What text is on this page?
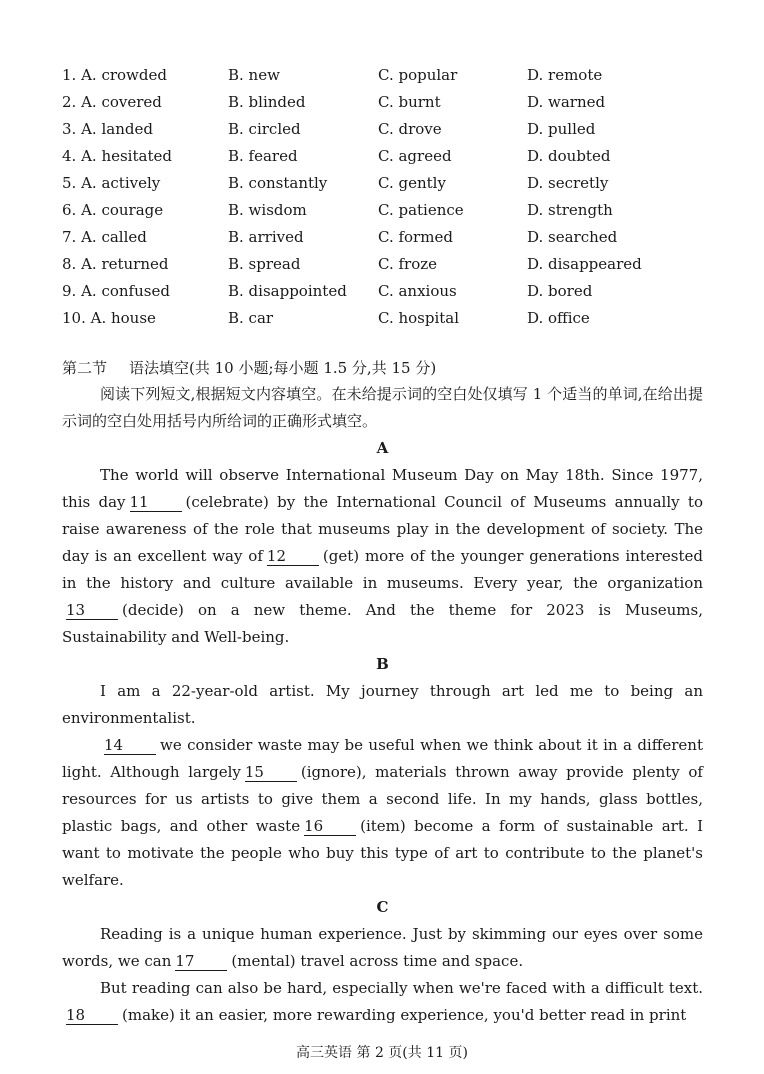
1. A. crowded	B. new	C. popular	D. remote
2. A. covered	B. blinded	C. burnt	D. warned
3. A. landed	B. circled	C. drove	D. pulled
4. A. hesitated	B. feared	C. agreed	D. doubted
5. A. actively	B. constantly	C. gently	D. secretly
6. A. courage	B. wisdom	C. patience	D. strength
7. A. called	B. arrived	C. formed	D. searched
8. A. returned	B. spread	C. froze	D. disappeared
9. A. confused	B. disappointed C. anxious	D. bored
10. A. house	B. car	C. hospital	D. office
第二节 语法填空(共 10 小题;每小题 1.5 分,共 15 分)

阅读下列短文,根据短文内容填空。在未给提示词的空白处仅填写 1 个适当的单词,在给出提示词的空白处用括号内所给词的正确形式填空。

A

The world will observe International Museum Day on May 18th. Since 1977, this day 11 (celebrate) by the International Council of Museums annually to raise awareness of the role that museums play in the development of society. The day is an excellent way of 12 (get) more of the younger generations interested in the history and culture available in museums. Every year, the organization13 (decide) on a new theme. And the theme for 2023 is Museums, Sustainability and Well-being.

B

I am a 22-year-old artist. My journey through art led me to being an environmentalist.

14 we consider waste may be useful when we think about it in a different light. Although largely 15 (ignore), materials thrown away provide plenty of resources for us artists to give them a second life. In my hands, glass bottles, plastic bags, and other waste 16 (item) become a form of sustainable art. I want to motivate the people who buy this type of art to contribute to the planet's welfare.

C

Reading is a unique human experience. Just by skimming our eyes over some words, we can 17 (mental) travel across time and space.

But reading can also be hard, especially when we're faced with a difficult text. 18 (make) it an easier, more rewarding experience, you'd better read in print

高三英语 第 2 页(共 11 页)
